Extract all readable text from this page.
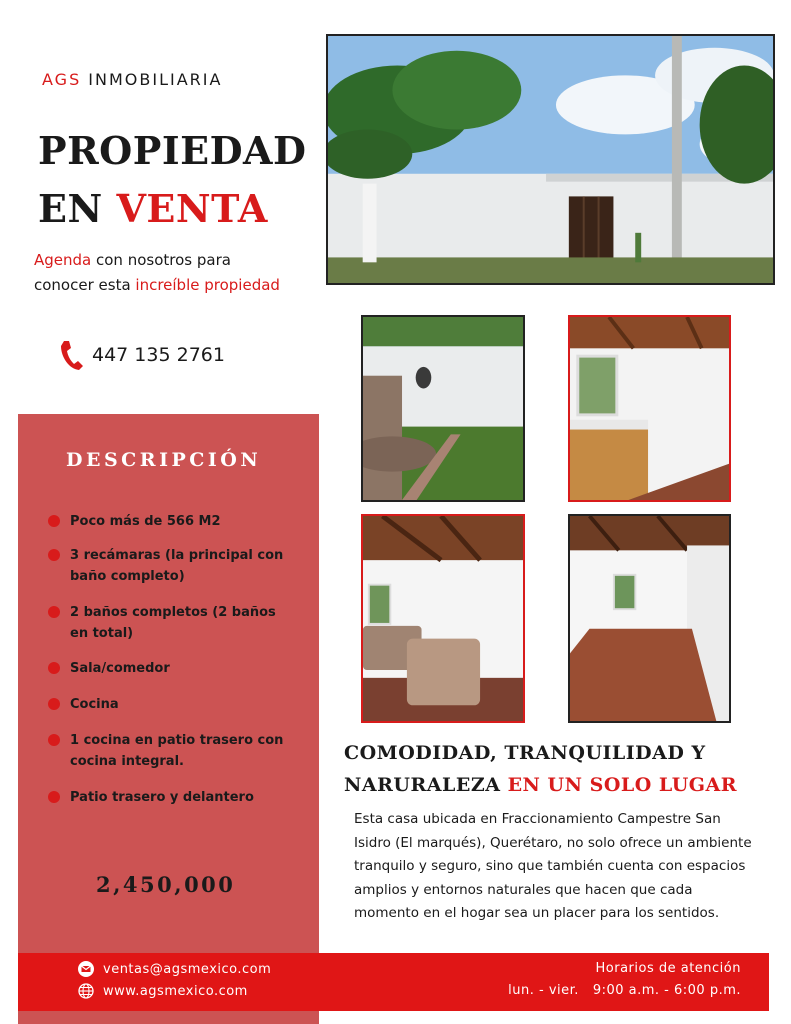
AGS INMOBILIARIA
PROPIEDAD
EN VENTA
Agenda con nosotros para
conocer esta increíble propiedad
447 135 2761
DESCRIPCIÓN
Poco más de 566 M2
3 recámaras (la principal con baño completo)
2 baños completos (2 baños en total)
Sala/comedor
Cocina
1 cocina en patio trasero con cocina integral.
Patio trasero y delantero
2,450,000
COMODIDAD, TRANQUILIDAD Y
NARURALEZA EN UN SOLO LUGAR
Esta casa ubicada en Fraccionamiento Campestre San Isidro (El marqués), Querétaro, no solo ofrece un ambiente tranquilo y seguro, sino que también cuenta con espacios amplios y entornos naturales que hacen que cada momento en el hogar sea un placer para los sentidos.
ventas@agsmexico.com
www.agsmexico.com
Horarios de atención
lun. - vier.   9:00 a.m. - 6:00 p.m.
